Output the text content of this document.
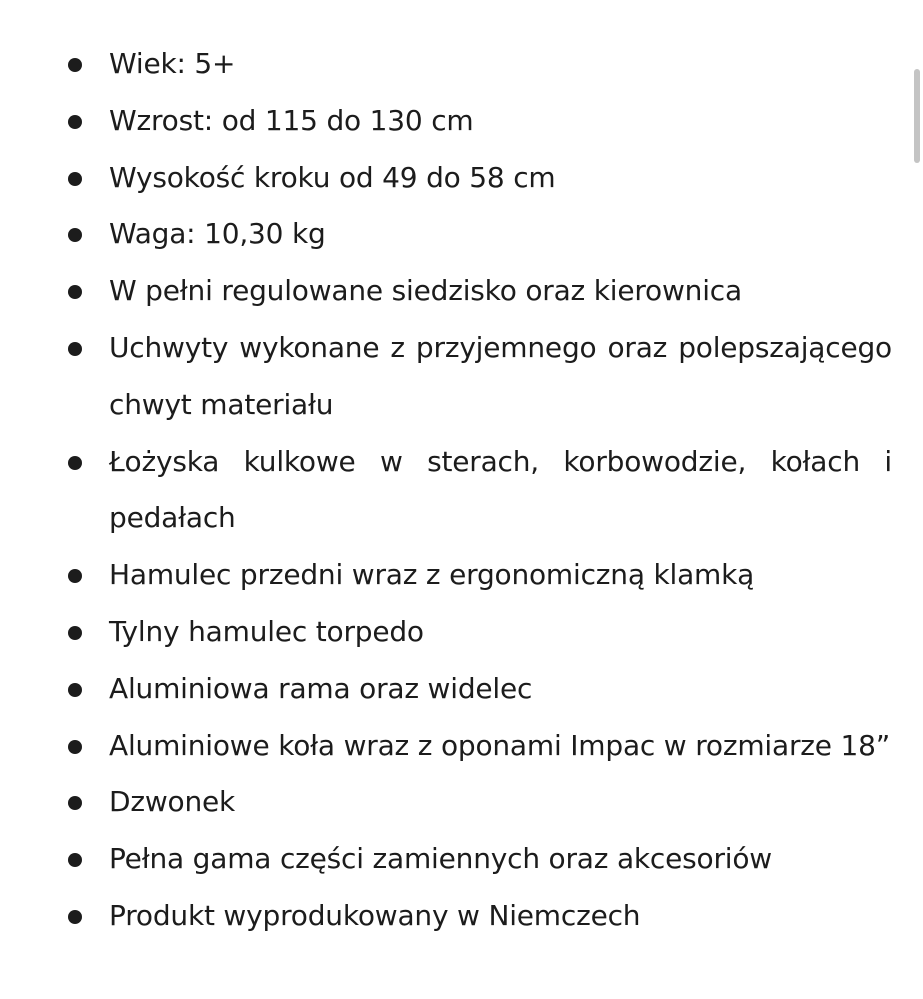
Wiek: 5+
Wzrost: od 115 do 130 cm
Wysokość kroku od 49 do 58 cm
Waga: 10,30 kg
W pełni regulowane siedzisko oraz kierownica
Uchwyty wykonane z przyjemnego oraz polepszającego chwyt materiału
Łożyska kulkowe w sterach, korbowodzie, kołach i pedałach
Hamulec przedni wraz z ergonomiczną klamką
Tylny hamulec torpedo
Aluminiowa rama oraz widelec
Aluminiowe koła wraz z oponami Impac w rozmiarze 18”
Dzwonek
Pełna gama części zamiennych oraz akcesoriów
Produkt wyprodukowany w Niemczech
